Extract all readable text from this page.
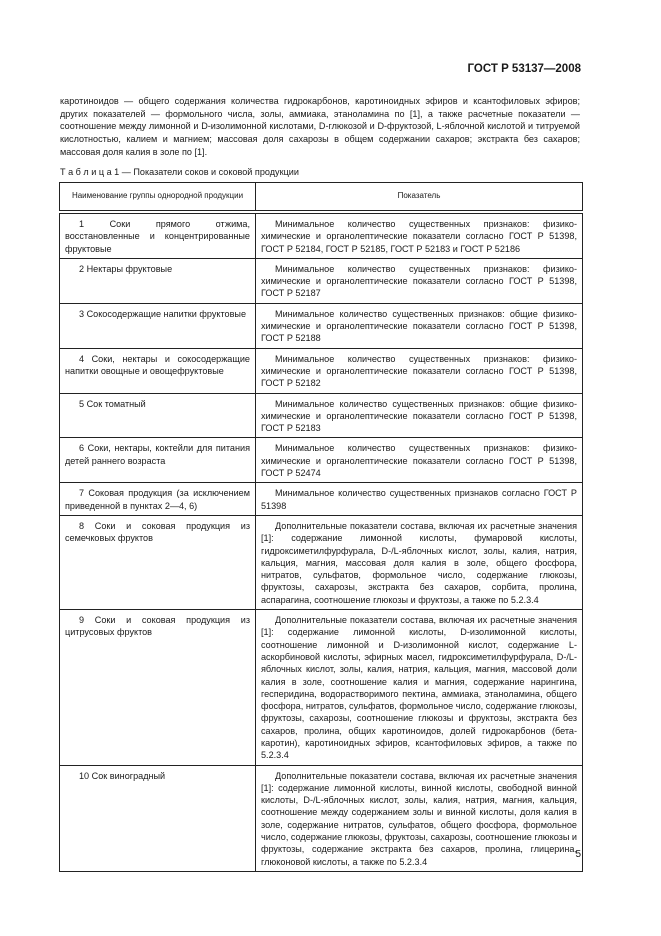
ГОСТ Р 53137—2008

каротиноидов — общего содержания количества гидрокарбонов, каротиноидных эфиров и ксантофиловых эфиров; других показателей — формольного числа, золы, аммиака, этаноламина по [1], а также расчетные показатели — соотношение между лимонной и D-изолимонной кислотами, D-глюкозой и D-фруктозой, L-яблочной кислотой и титруемой кислотностью, калием и магнием; массовая доля сахарозы в общем содержании сахаров; экстракта без сахаров; массовая доля калия в золе по [1].

Т а б л и ц а 1 — Показатели соков и соковой продукции
Наименование группы однородной продукции	Показатель

1 Соки прямого отжима, восстановленные и концентрированные фруктовые	Минимальное количество существенных признаков: физико-химические и органолептические показатели согласно ГОСТ Р 51398, ГОСТ Р 52184, ГОСТ Р 52185, ГОСТ Р 52183 и ГОСТ Р 52186

2 Нектары фруктовые	Минимальное количество существенных признаков: физико-химические и органолептические показатели согласно ГОСТ Р 51398, ГОСТ Р 52187

3 Сокосодержащие напитки фруктовые	Минимальное количество существенных признаков: общие физико-химические и органолептические показатели согласно ГОСТ Р 51398, ГОСТ Р 52188

4 Соки, нектары и сокосодержащие напитки овощные и овощефруктовые	Минимальное количество существенных признаков: физико-химические и органолептические показатели согласно ГОСТ Р 51398, ГОСТ Р 52182

5 Сок томатный	Минимальное количество существенных признаков: общие физико-химические и органолептические показатели согласно ГОСТ Р 51398, ГОСТ Р 52183

6 Соки, нектары, коктейли для питания детей раннего возраста	Минимальное количество существенных признаков: физико-химические и органолептические показатели согласно ГОСТ Р 51398, ГОСТ Р 52474

7 Соковая продукция (за исключением приведенной в пунктах 2—4, 6)	Минимальное количество существенных признаков согласно ГОСТ Р 51398

8 Соки и соковая продукция из семечковых фруктов	Дополнительные показатели состава, включая их расчетные значения [1]: содержание лимонной кислоты, фумаровой кислоты, гидроксиметилфурфурала, D-/L-яблочных кислот, золы, калия, натрия, кальция, магния, массовая доля калия в золе, общего фосфора, нитратов, сульфатов, формольное число, содержание глюкозы, фруктозы, сахарозы, экстракта без сахаров, сорбита, пролина, аспарагина, соотношение глюкозы и фруктозы, а также по 5.2.3.4

9 Соки и соковая продукция из цитрусовых фруктов	Дополнительные показатели состава, включая их расчетные значения [1]: содержание лимонной кислоты, D-изолимонной кислоты, соотношение лимонной и D-изолимонной кислот, содержание L-аскорбиновой кислоты, эфирных масел, гидроксиметилфурфурала, D-/L-яблочных кислот, золы, калия, натрия, кальция, магния, массовой доли калия в золе, соотношение калия и магния, содержание нарингина, гесперидина, водорастворимого пектина, аммиака, этаноламина, общего фосфора, нитратов, сульфатов, формольное число, содержание глюкозы, фруктозы, сахарозы, соотношение глюкозы и фруктозы, экстракта без сахаров, пролина, общих каротиноидов, долей гидрокарбонов (бета-каротин), каротиноидных эфиров, ксантофиловых эфиров, а также по 5.2.3.4

10 Сок виноградный	Дополнительные показатели состава, включая их расчетные значения [1]: содержание лимонной кислоты, винной кислоты, свободной винной кислоты, D-/L-яблочных кислот, золы, калия, натрия, магния, кальция, соотношение между содержанием золы и винной кислоты, доля калия в золе, содержание нитратов, сульфатов, общего фосфора, формольное число, содержание глюкозы, фруктозы, сахарозы, соотношение глюкозы и фруктозы, содержание экстракта без сахаров, пролина, глицерина, глюконовой кислоты, а также по 5.2.3.4
5
